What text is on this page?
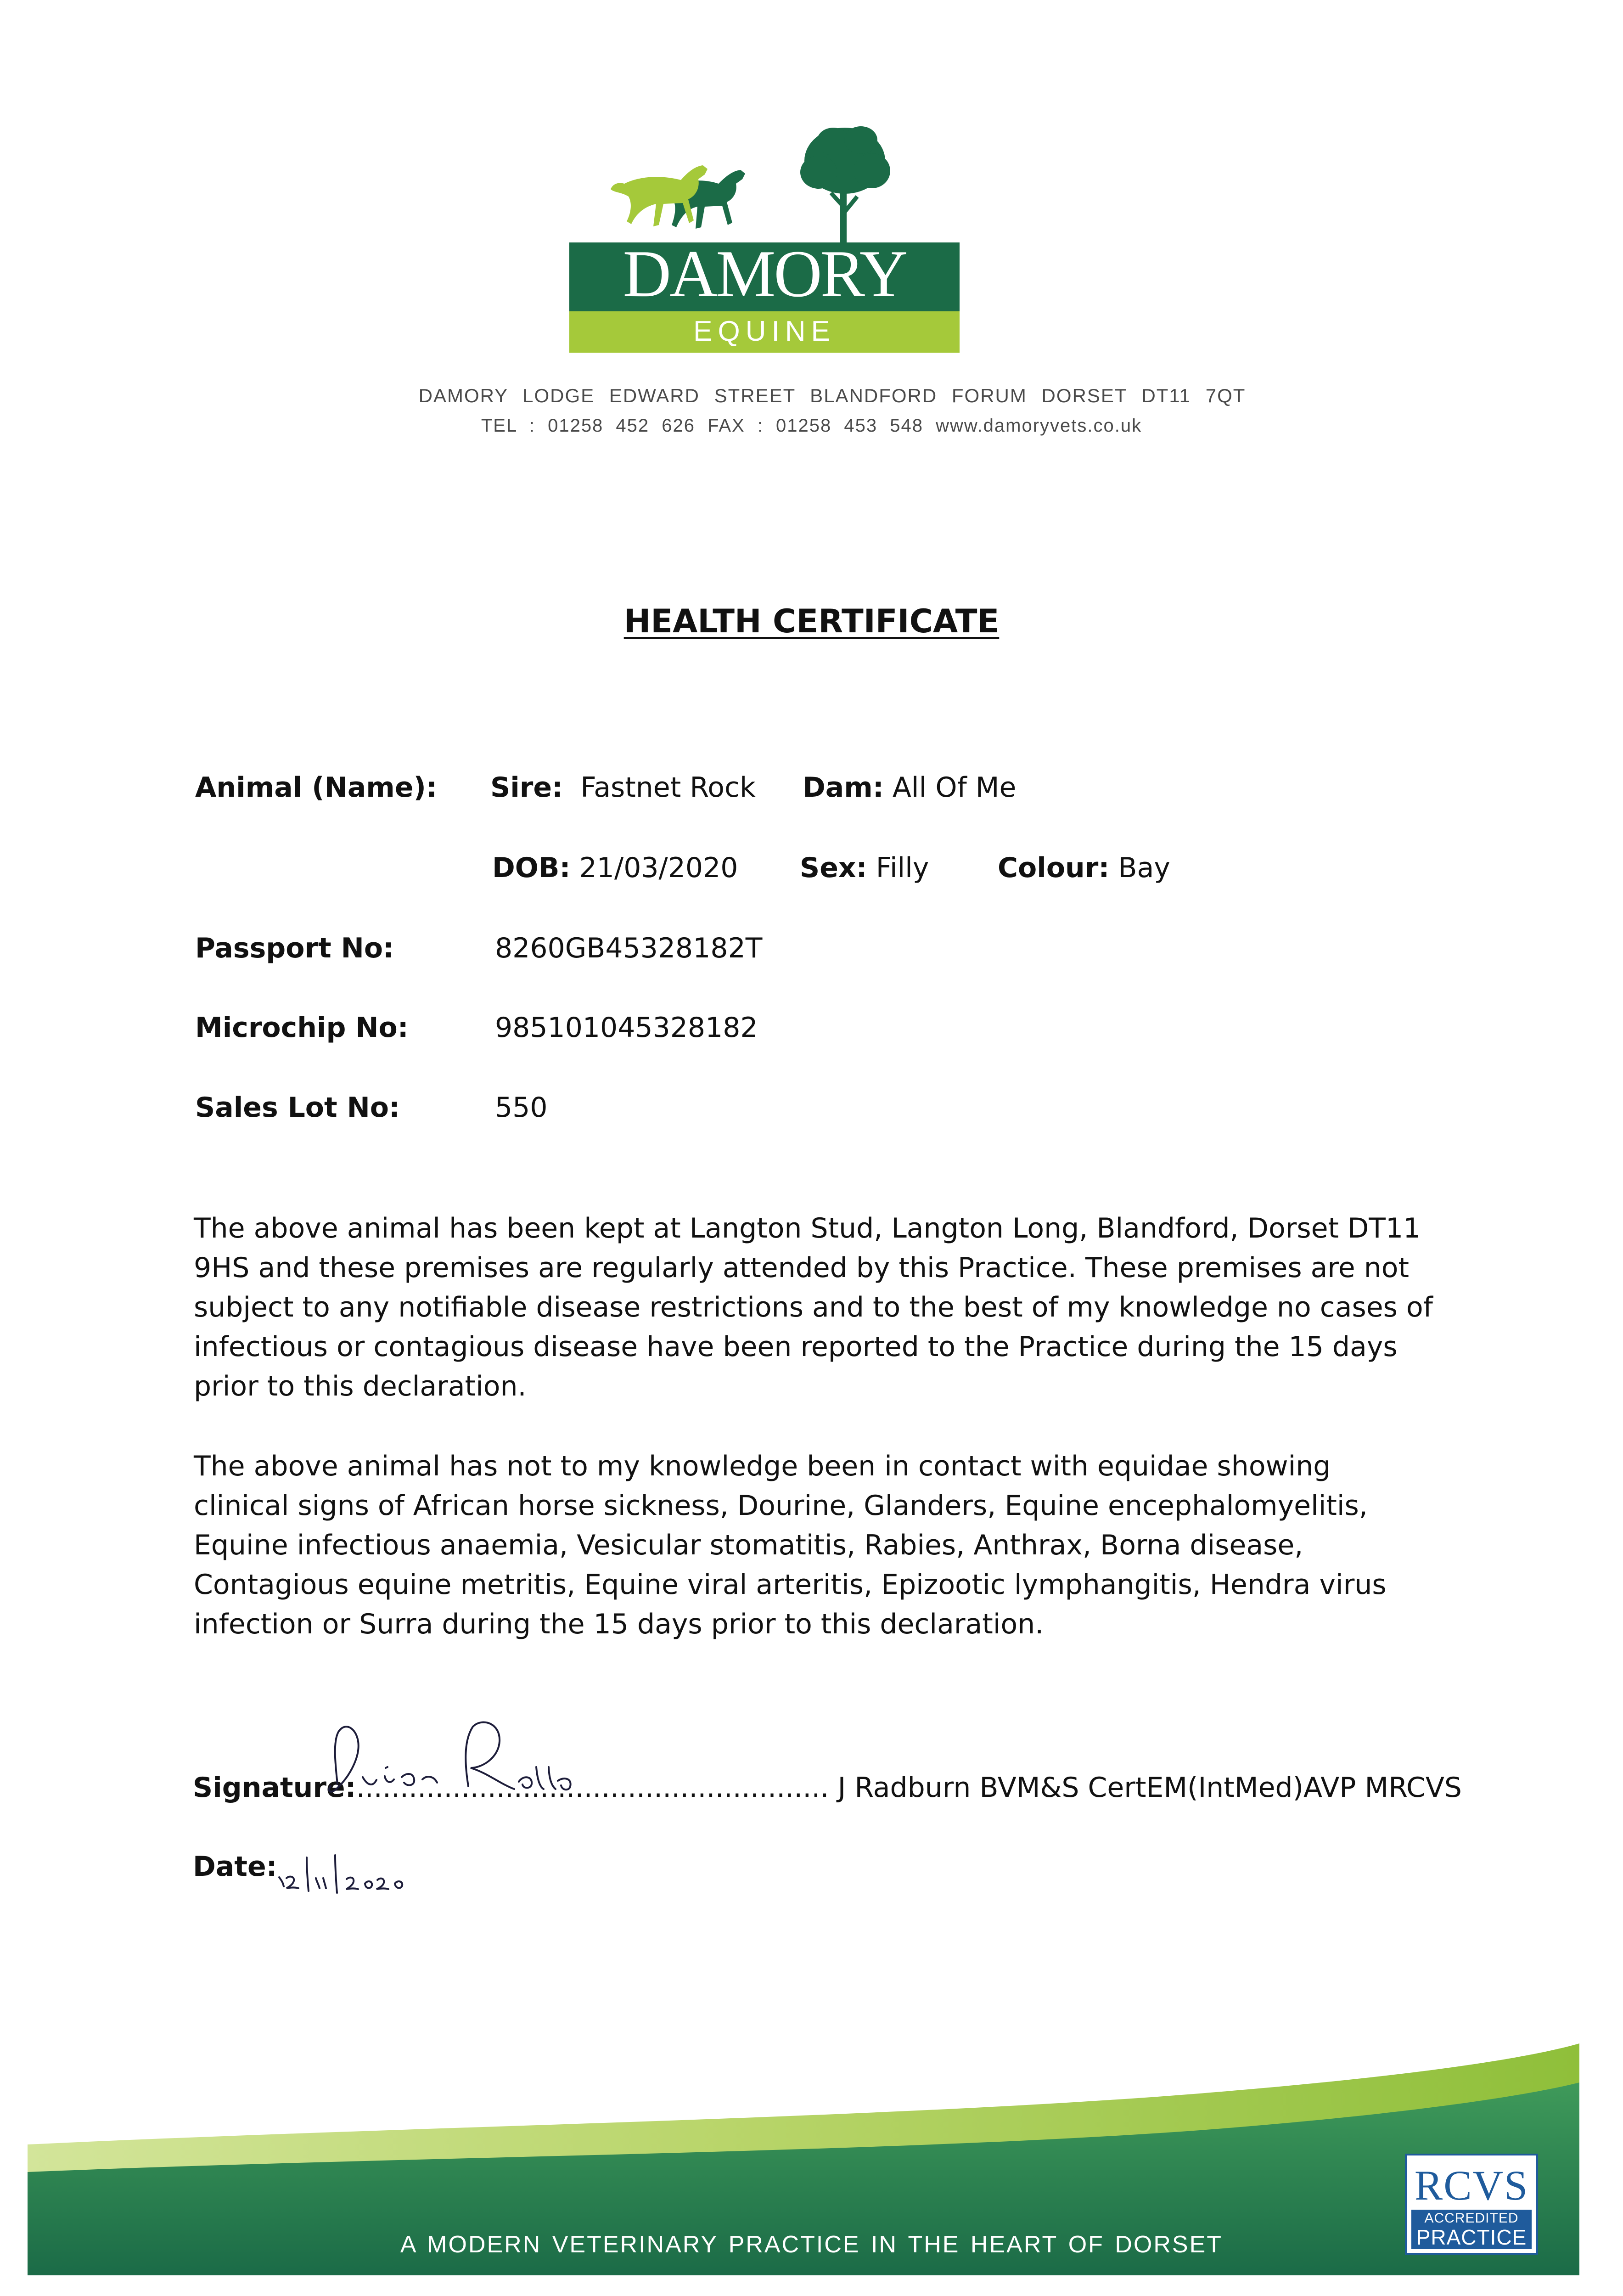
DAMORY
EQUINE
DAMORY LODGE EDWARD STREET BLANDFORD FORUM DORSET DT11 7QT
TEL : 01258 452 626 FAX : 01258 453 548 www.damoryvets.co.uk
HEALTH CERTIFICATE
Animal (Name): Sire: Fastnet Rock Dam: All Of Me
DOB: 21/03/2020 Sex: Filly Colour: Bay
Passport No:	8260GB45328182T
Microchip No:	985101045328182
Sales Lot No:	550
The above animal has been kept at Langton Stud, Langton Long, Blandford, Dorset DT11 9HS and these premises are regularly attended by this Practice. These premises are not subject to any notifiable disease restrictions and to the best of my knowledge no cases of infectious or contagious disease have been reported to the Practice during the 15 days prior to this declaration.
The above animal has not to my knowledge been in contact with equidae showing clinical signs of African horse sickness, Dourine, Glanders, Equine encephalomyelitis, Equine infectious anaemia, Vesicular stomatitis, Rabies, Anthrax, Borna disease, Contagious equine metritis, Equine viral arteritis, Epizootic lymphangitis, Hendra virus infection or Surra during the 15 days prior to this declaration.
Signature:...................................................... J Radburn BVM&S CertEM(IntMed)AVP MRCVS
Date:
A MODERN VETERINARY PRACTICE IN THE HEART OF DORSET
RCVS
ACCREDITED
PRACTICE
